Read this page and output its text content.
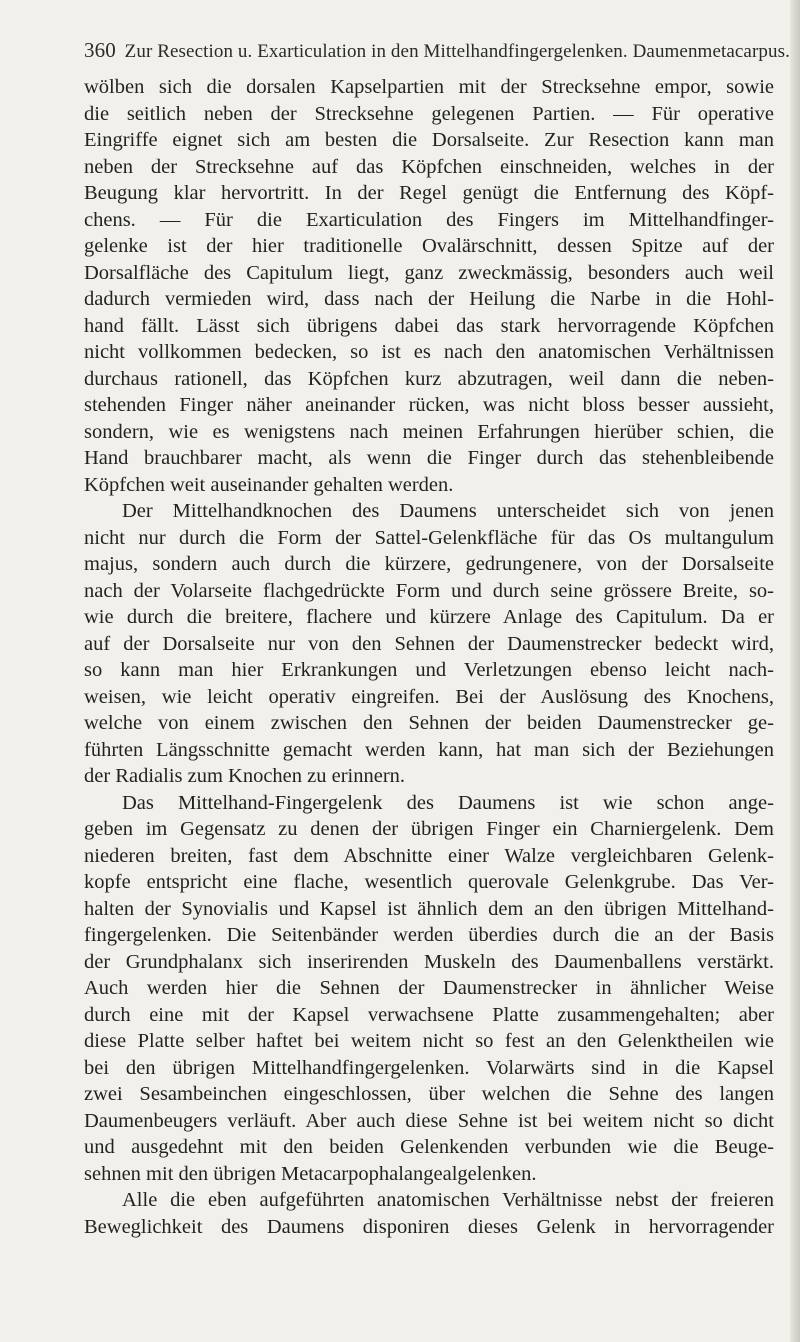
360 Zur Resection u. Exarticulation in den Mittelhandfingergelenken. Daumenmetacarpus.
wölben sich die dorsalen Kapselpartien mit der Strecksehne empor, sowie
die seitlich neben der Strecksehne gelegenen Partien. — Für operative
Eingriffe eignet sich am besten die Dorsalseite. Zur Resection kann man
neben der Strecksehne auf das Köpfchen einschneiden, welches in der
Beugung klar hervortritt. In der Regel genügt die Entfernung des Köpf-
chens. — Für die Exarticulation des Fingers im Mittelhandfinger-
gelenke ist der hier traditionelle Ovalärschnitt, dessen Spitze auf der
Dorsalfläche des Capitulum liegt, ganz zweckmässig, besonders auch weil
dadurch vermieden wird, dass nach der Heilung die Narbe in die Hohl-
hand fällt. Lässt sich übrigens dabei das stark hervorragende Köpfchen
nicht vollkommen bedecken, so ist es nach den anatomischen Verhältnissen
durchaus rationell, das Köpfchen kurz abzutragen, weil dann die neben-
stehenden Finger näher aneinander rücken, was nicht bloss besser aussieht,
sondern, wie es wenigstens nach meinen Erfahrungen hierüber schien, die
Hand brauchbarer macht, als wenn die Finger durch das stehenbleibende
Köpfchen weit auseinander gehalten werden.
Der Mittelhandknochen des Daumens unterscheidet sich von jenen
nicht nur durch die Form der Sattel-Gelenkfläche für das Os multangulum
majus, sondern auch durch die kürzere, gedrungenere, von der Dorsalseite
nach der Volarseite flachgedrückte Form und durch seine grössere Breite, so-
wie durch die breitere, flachere und kürzere Anlage des Capitulum. Da er
auf der Dorsalseite nur von den Sehnen der Daumenstrecker bedeckt wird,
so kann man hier Erkrankungen und Verletzungen ebenso leicht nach-
weisen, wie leicht operativ eingreifen. Bei der Auslösung des Knochens,
welche von einem zwischen den Sehnen der beiden Daumenstrecker ge-
führten Längsschnitte gemacht werden kann, hat man sich der Beziehungen
der Radialis zum Knochen zu erinnern.
Das Mittelhand-Fingergelenk des Daumens ist wie schon ange-
geben im Gegensatz zu denen der übrigen Finger ein Charniergelenk. Dem
niederen breiten, fast dem Abschnitte einer Walze vergleichbaren Gelenk-
kopfe entspricht eine flache, wesentlich querovale Gelenkgrube. Das Ver-
halten der Synovialis und Kapsel ist ähnlich dem an den übrigen Mittelhand-
fingergelenken. Die Seitenbänder werden überdies durch die an der Basis
der Grundphalanx sich inserirenden Muskeln des Daumenballens verstärkt.
Auch werden hier die Sehnen der Daumenstrecker in ähnlicher Weise
durch eine mit der Kapsel verwachsene Platte zusammengehalten; aber
diese Platte selber haftet bei weitem nicht so fest an den Gelenktheilen wie
bei den übrigen Mittelhandfingergelenken. Volarwärts sind in die Kapsel
zwei Sesambeinchen eingeschlossen, über welchen die Sehne des langen
Daumenbeugers verläuft. Aber auch diese Sehne ist bei weitem nicht so dicht
und ausgedehnt mit den beiden Gelenkenden verbunden wie die Beuge-
sehnen mit den übrigen Metacarpophalangealgelenken.
Alle die eben aufgeführten anatomischen Verhältnisse nebst der freieren
Beweglichkeit des Daumens disponiren dieses Gelenk in hervorragender
